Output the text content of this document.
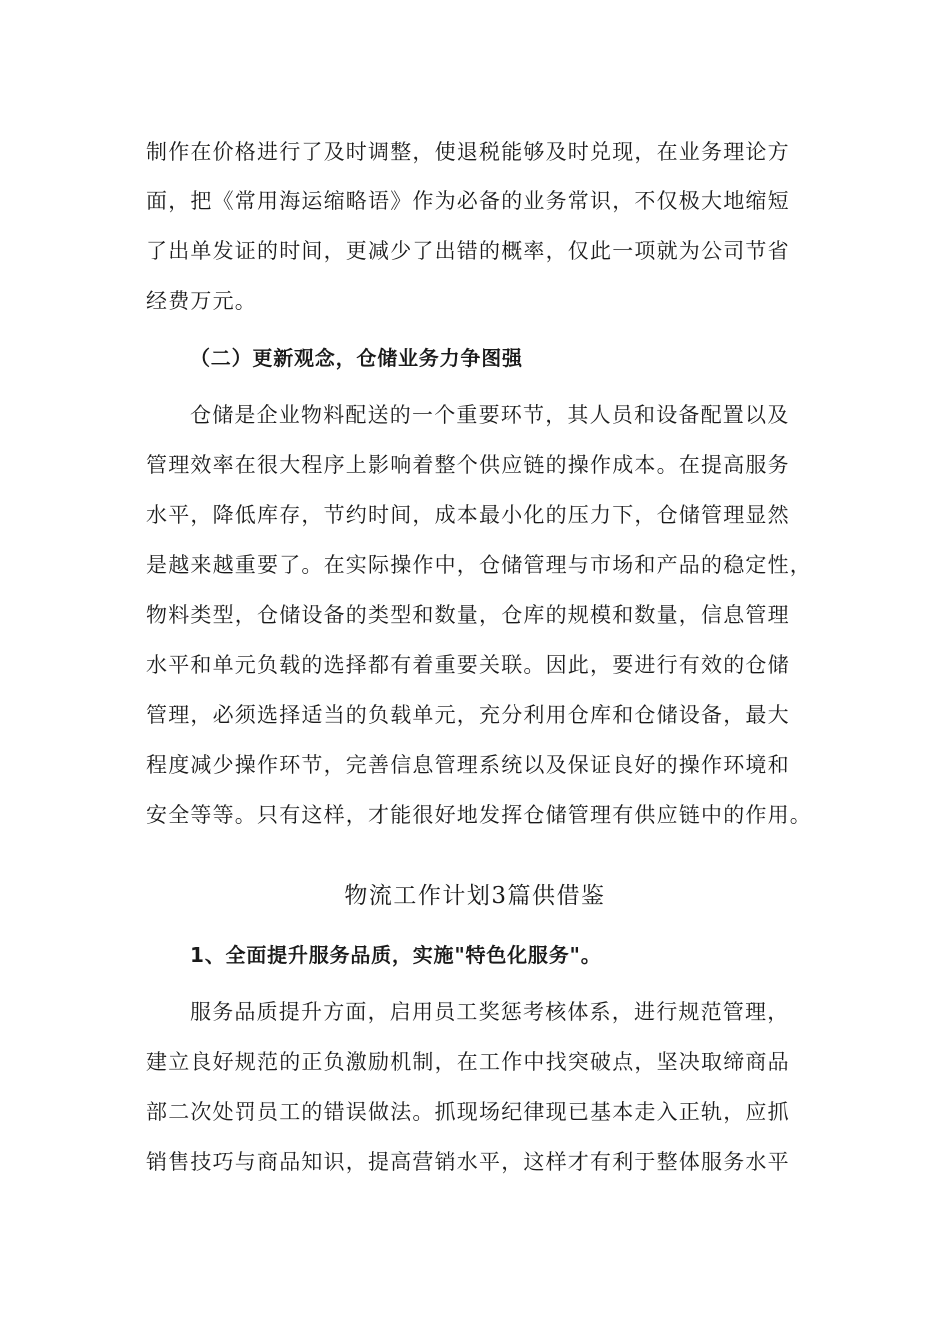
制作在价格进行了及时调整，使退税能够及时兑现，在业务理论方
面，把《常用海运缩略语》作为必备的业务常识，不仅极大地缩短
了出单发证的时间，更减少了出错的概率，仅此一项就为公司节省
经费万元。
（二）更新观念，仓储业务力争图强
仓储是企业物料配送的一个重要环节，其人员和设备配置以及
管理效率在很大程序上影响着整个供应链的操作成本。在提高服务
水平，降低库存，节约时间，成本最小化的压力下，仓储管理显然
是越来越重要了。在实际操作中，仓储管理与市场和产品的稳定性，
物料类型，仓储设备的类型和数量，仓库的规模和数量，信息管理
水平和单元负载的选择都有着重要关联。因此，要进行有效的仓储
管理，必须选择适当的负载单元，充分利用仓库和仓储设备，最大
程度减少操作环节，完善信息管理系统以及保证良好的操作环境和
安全等等。只有这样，才能很好地发挥仓储管理有供应链中的作用。
物流工作计划3篇供借鉴
1、全面提升服务品质，实施"特色化服务"。
服务品质提升方面，启用员工奖惩考核体系，进行规范管理，
建立良好规范的正负激励机制，在工作中找突破点，坚决取缔商品
部二次处罚员工的错误做法。抓现场纪律现已基本走入正轨，应抓
销售技巧与商品知识，提高营销水平，这样才有利于整体服务水平
